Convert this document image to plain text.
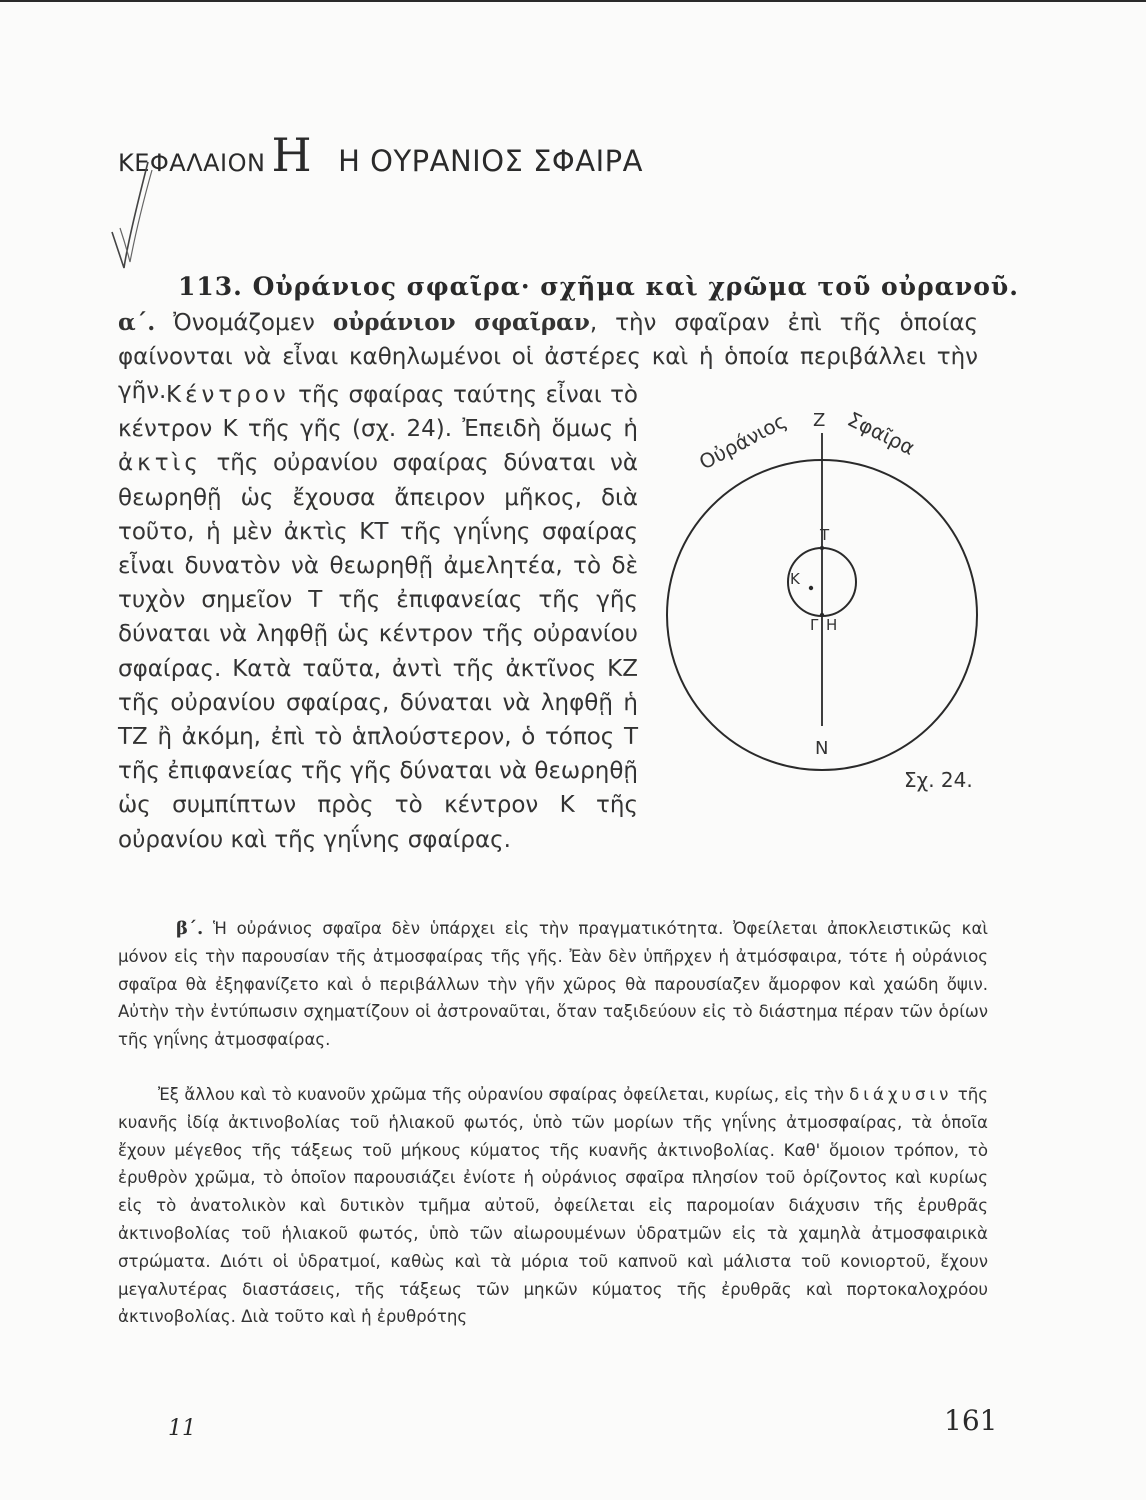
ΚΕΦΑΛΑΙΟΝ Η Η ΟΥΡΑΝΙΟΣ ΣΦΑΙΡΑ
113. Οὐράνιος σφαῖρα· σχῆμα καὶ χρῶμα τοῦ οὐρανοῦ.
α΄. Ὀνομάζομεν οὐράνιον σφαῖραν, τὴν σφαῖραν ἐπὶ τῆς ὁποίας φαίνονται νὰ εἶναι καθηλωμένοι οἱ ἀστέρες καὶ ἡ ὁποία περιβάλλει τὴν γῆν. Κέντρον τῆς σφαίρας ταύτης εἶναι τὸ κέντρον Κ τῆς γῆς (σχ. 24). Ἐπειδὴ ὅμως ἡ ἀκτὶς τῆς οὐρανίου σφαίρας δύναται νὰ θεωρηθῇ ὡς ἔχουσα ἄπειρον μῆκος, διὰ τοῦτο, ἡ μὲν ἀκτὶς ΚΤ τῆς γηΐνης σφαίρας εἶναι δυνατὸν νὰ θεωρηθῇ ἀμελητέα, τὸ δὲ τυχὸν σημεῖον Τ τῆς ἐπιφανείας τῆς γῆς δύναται νὰ ληφθῇ ὡς κέντρον τῆς οὐρανίου σφαίρας. Κατὰ ταῦτα, ἀντὶ τῆς ἀκτῖνος ΚΖ τῆς οὐρανίου σφαίρας, δύναται νὰ ληφθῇ ἡ ΤΖ ἢ ἀκόμη, ἐπὶ τὸ ἁπλούστερον, ὁ τόπος Τ τῆς ἐπιφανείας τῆς γῆς δύναται νὰ θεωρηθῇ ὡς συμπίπτων πρὸς τὸ κέντρον Κ τῆς οὐρανίου καὶ τῆς γηΐνης σφαίρας.
Οὐράνιος Ζ Σφαῖρα
Τ
Κ
Γ Η
Ν
Σχ. 24.
β΄. Ἡ οὐράνιος σφαῖρα δὲν ὑπάρχει εἰς τὴν πραγματικότητα. Ὀφείλεται ἀποκλειστικῶς καὶ μόνον εἰς τὴν παρουσίαν τῆς ἀτμοσφαίρας τῆς γῆς. Ἐὰν δὲν ὑπῆρχεν ἡ ἀτμόσφαιρα, τότε ἡ οὐράνιος σφαῖρα θὰ ἐξηφανίζετο καὶ ὁ περιβάλλων τὴν γῆν χῶρος θὰ παρουσίαζεν ἄμορφον καὶ χαώδη ὄψιν. Αὐτὴν τὴν ἐντύπωσιν σχηματίζουν οἱ ἀστροναῦται, ὅταν ταξιδεύουν εἰς τὸ διάστημα πέραν τῶν ὁρίων τῆς γηΐνης ἀτμοσφαίρας.
Ἐξ ἄλλου καὶ τὸ κυανοῦν χρῶμα τῆς οὐρανίου σφαίρας ὀφείλεται, κυρίως, εἰς τὴν διάχυσιν τῆς κυανῆς ἰδίᾳ ἀκτινοβολίας τοῦ ἡλιακοῦ φωτός, ὑπὸ τῶν μορίων τῆς γηΐνης ἀτμοσφαίρας, τὰ ὁποῖα ἔχουν μέγεθος τῆς τάξεως τοῦ μήκους κύματος τῆς κυανῆς ἀκτινοβολίας. Καθ' ὅμοιον τρόπον, τὸ ἐρυθρὸν χρῶμα, τὸ ὁποῖον παρουσιάζει ἐνίοτε ἡ οὐράνιος σφαῖρα πλησίον τοῦ ὁρίζοντος καὶ κυρίως εἰς τὸ ἀνατολικὸν καὶ δυτικὸν τμῆμα αὐτοῦ, ὀφείλεται εἰς παρομοίαν διάχυσιν τῆς ἐρυθρᾶς ἀκτινοβολίας τοῦ ἡλιακοῦ φωτός, ὑπὸ τῶν αἰωρουμένων ὑδρατμῶν εἰς τὰ χαμηλὰ ἀτμοσφαιρικὰ στρώματα. Διότι οἱ ὑδρατμοί, καθὼς καὶ τὰ μόρια τοῦ καπνοῦ καὶ μάλιστα τοῦ κονιορτοῦ, ἔχουν μεγαλυτέρας διαστάσεις, τῆς τάξεως τῶν μηκῶν κύματος τῆς ἐρυθρᾶς καὶ πορτοκαλοχρόου ἀκτινοβολίας. Διὰ τοῦτο καὶ ἡ ἐρυθρότης
11	161
